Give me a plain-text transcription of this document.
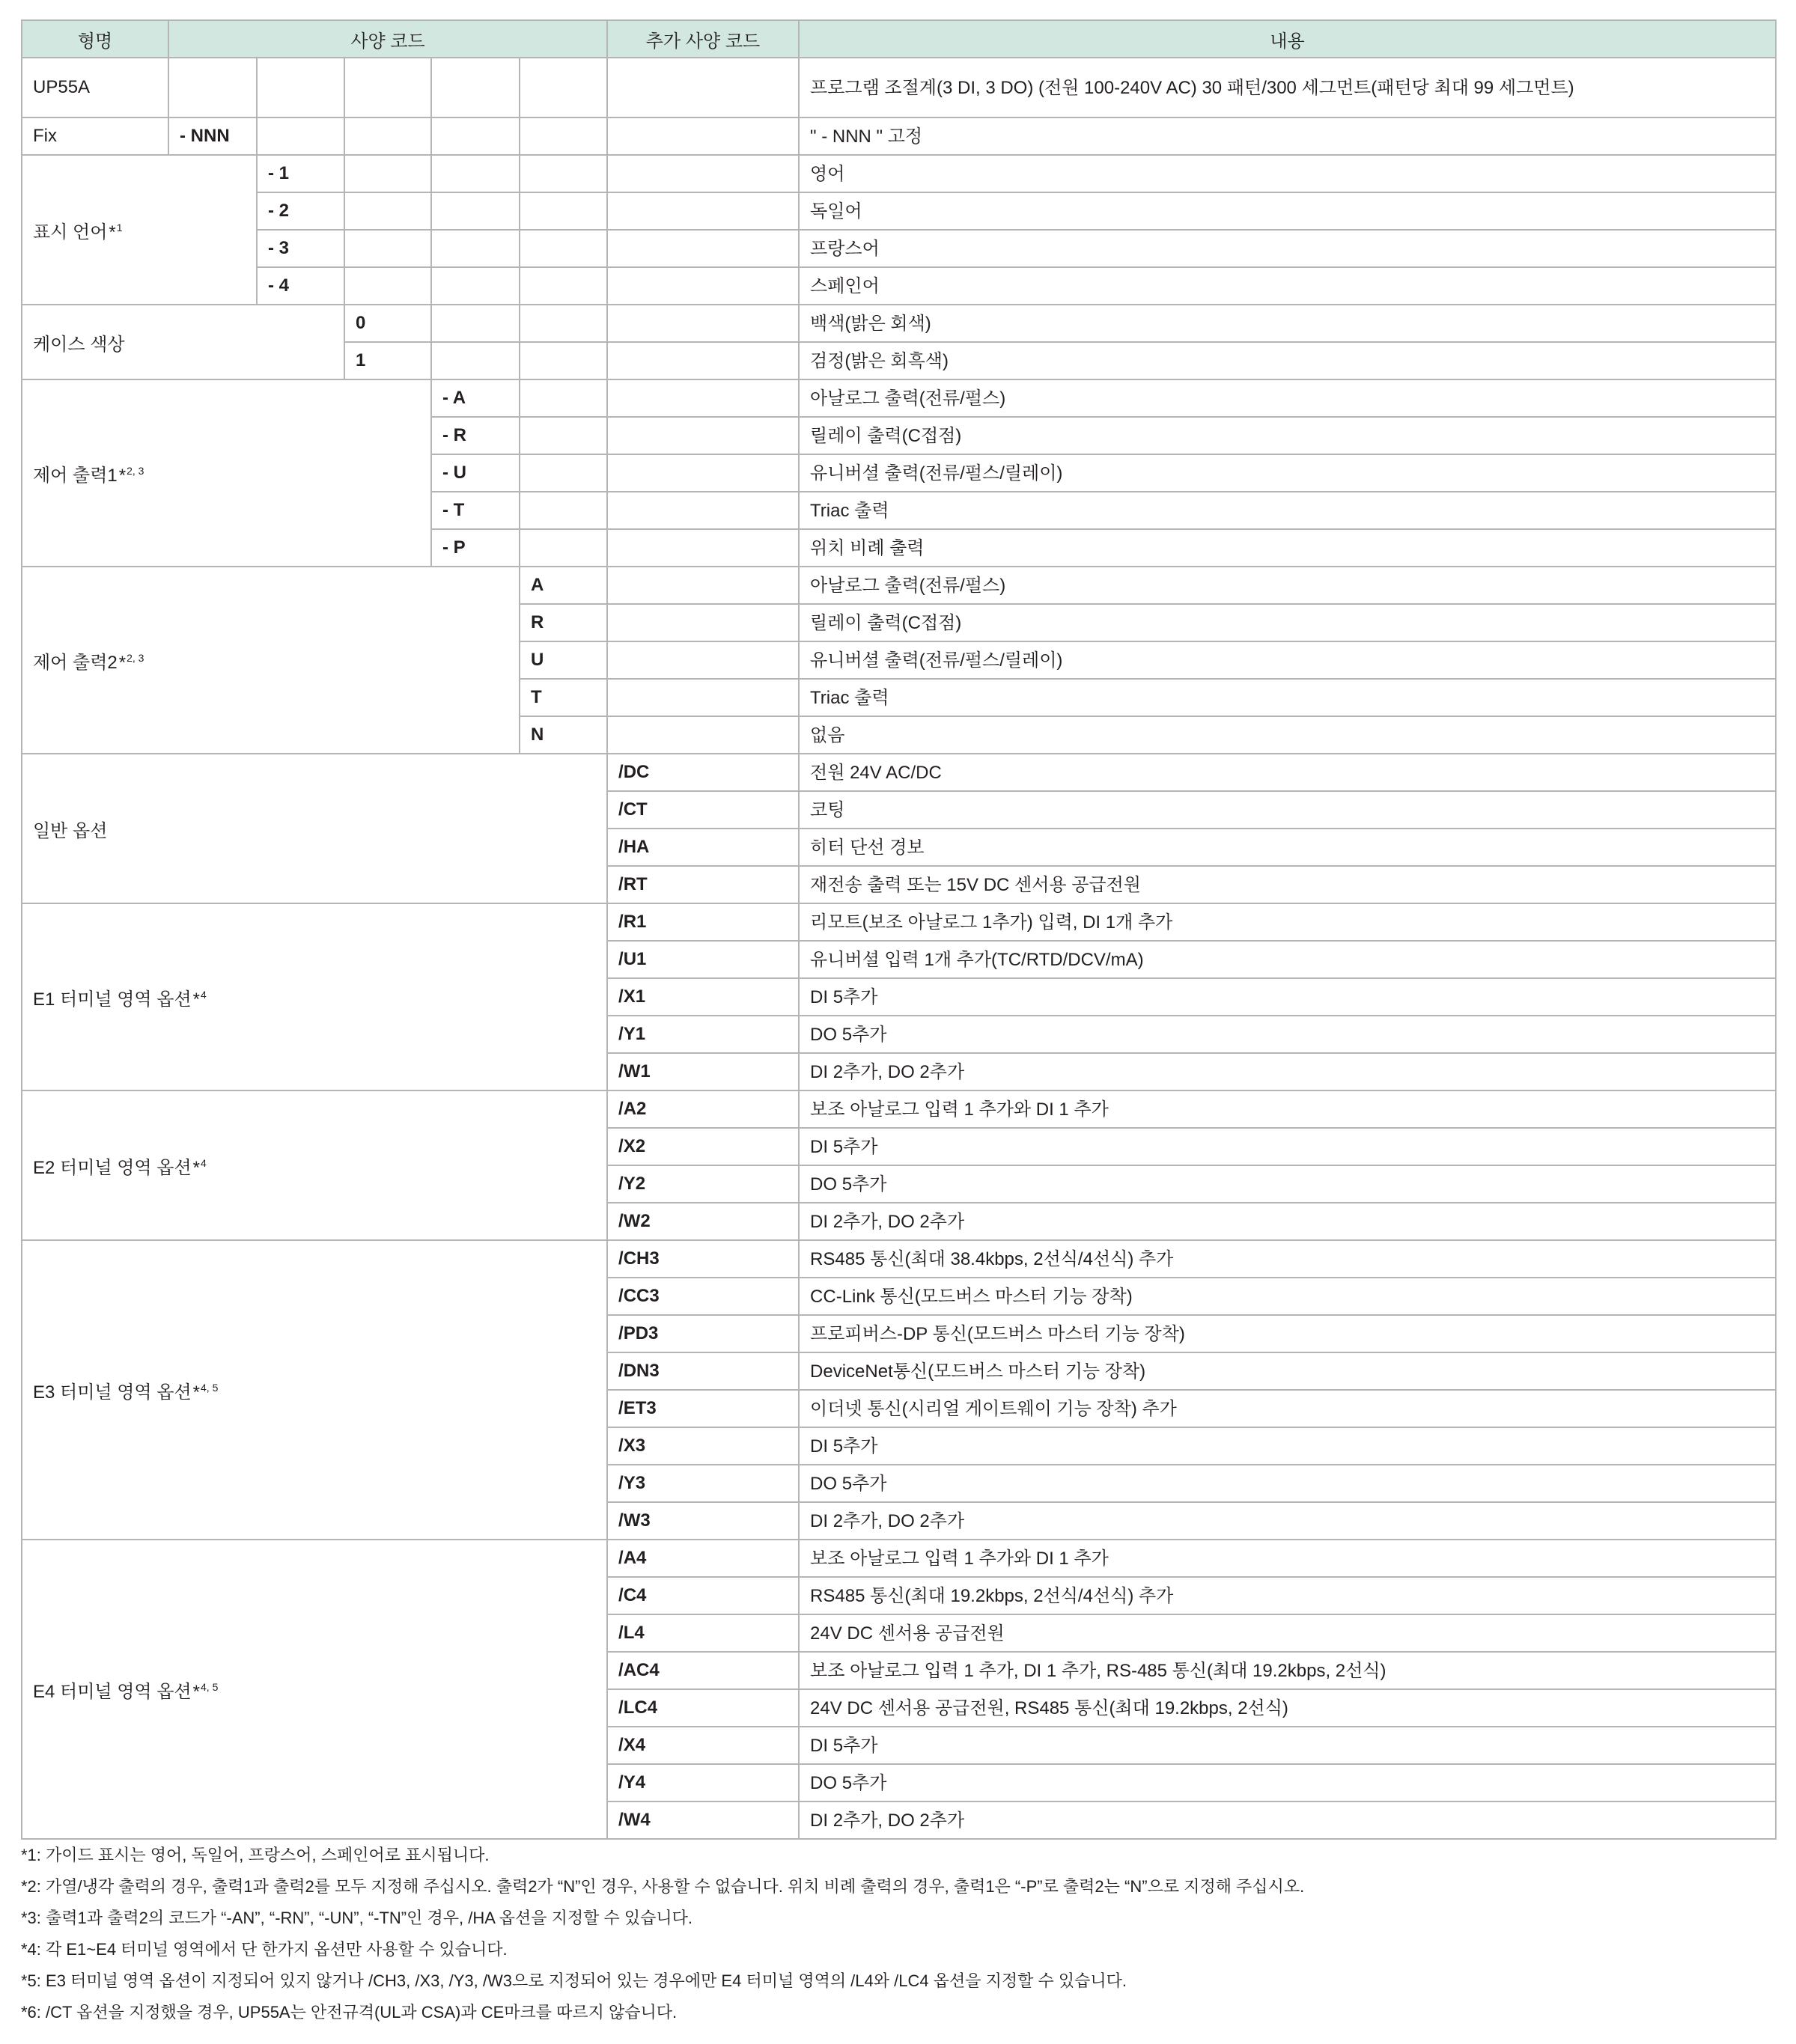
형명	사양 코드					추가 사양 코드	내용
UP55A							프로그램 조절계(3 DI, 3 DO) (전원 100-240V AC) 30 패턴/300 세그먼트(패턴당 최대 99 세그먼트)
Fix	- NNN						" - NNN " 고정
표시 언어*$^1$		- 1					영어
		- 2					독일어
		- 3					프랑스어
		- 4					스페인어
케이스 색상			0				백색(밝은 회색)
			1				검정(밝은 회흑색)
제어 출력1*$^{2, 3}$				- A			아날로그 출력(전류/펄스)
				- R			릴레이 출력(C접점)
				- U			유니버셜 출력(전류/펄스/릴레이)
				- T			Triac 출력
				- P			위치 비례 출력
제어 출력2*$^{2, 3}$					A		아날로그 출력(전류/펄스)
					R		릴레이 출력(C접점)
					U		유니버셜 출력(전류/펄스/릴레이)
					T		Triac 출력
					N		없음
일반 옵션						/DC	전원 24V AC/DC
						/CT	코팅
						/HA	히터 단선 경보
						/RT	재전송 출력 또는 15V DC 센서용 공급전원
E1 터미널 영역 옵션*$^4$						/R1	리모트(보조 아날로그 1추가) 입력, DI 1개 추가
						/U1	유니버셜 입력 1개 추가(TC/RTD/DCV/mA)
						/X1	DI 5추가
						/Y1	DO 5추가
						/W1	DI 2추가, DO 2추가
E2 터미널 영역 옵션*$^4$						/A2	보조 아날로그 입력 1 추가와 DI 1 추가
						/X2	DI 5추가
						/Y2	DO 5추가
						/W2	DI 2추가, DO 2추가
E3 터미널 영역 옵션*$^{4, 5}$						/CH3	RS485 통신(최대 38.4kbps, 2선식/4선식) 추가
						/CC3	CC-Link 통신(모드버스 마스터 기능 장착)
						/PD3	프로피버스-DP 통신(모드버스 마스터 기능 장착)
						/DN3	DeviceNet통신(모드버스 마스터 기능 장착)
						/ET3	이더넷 통신(시리얼 게이트웨이 기능 장착) 추가
						/X3	DI 5추가
						/Y3	DO 5추가
						/W3	DI 2추가, DO 2추가
E4 터미널 영역 옵션*$^{4, 5}$						/A4	보조 아날로그 입력 1 추가와 DI 1 추가
						/C4	RS485 통신(최대 19.2kbps, 2선식/4선식) 추가
						/L4	24V DC 센서용 공급전원
						/AC4	보조 아날로그 입력 1 추가, DI 1 추가, RS-485 통신(최대 19.2kbps, 2선식)
						/LC4	24V DC 센서용 공급전원, RS485 통신(최대 19.2kbps, 2선식)
						/X4	DI 5추가
						/Y4	DO 5추가
						/W4	DI 2추가, DO 2추가
*1: 가이드 표시는 영어, 독일어, 프랑스어, 스페인어로 표시됩니다.
*2: 가열/냉각 출력의 경우, 출력1과 출력2를 모두 지정해 주십시오. 출력2가 “N”인 경우, 사용할 수 없습니다. 위치 비례 출력의 경우, 출력1은 “-P”로 출력2는 “N”으로 지정해 주십시오.
*3: 출력1과 출력2의 코드가 “-AN”, “-RN”, “-UN”, “-TN”인 경우, /HA 옵션을 지정할 수 있습니다.
*4: 각 E1~E4 터미널 영역에서 단 한가지 옵션만 사용할 수 있습니다.
*5: E3 터미널 영역 옵션이 지정되어 있지 않거나 /CH3, /X3, /Y3, /W3으로 지정되어 있는 경우에만 E4 터미널 영역의 /L4와 /LC4 옵션을 지정할 수 있습니다.
*6: /CT 옵션을 지정했을 경우, UP55A는 안전규격(UL과 CSA)과 CE마크를 따르지 않습니다.
